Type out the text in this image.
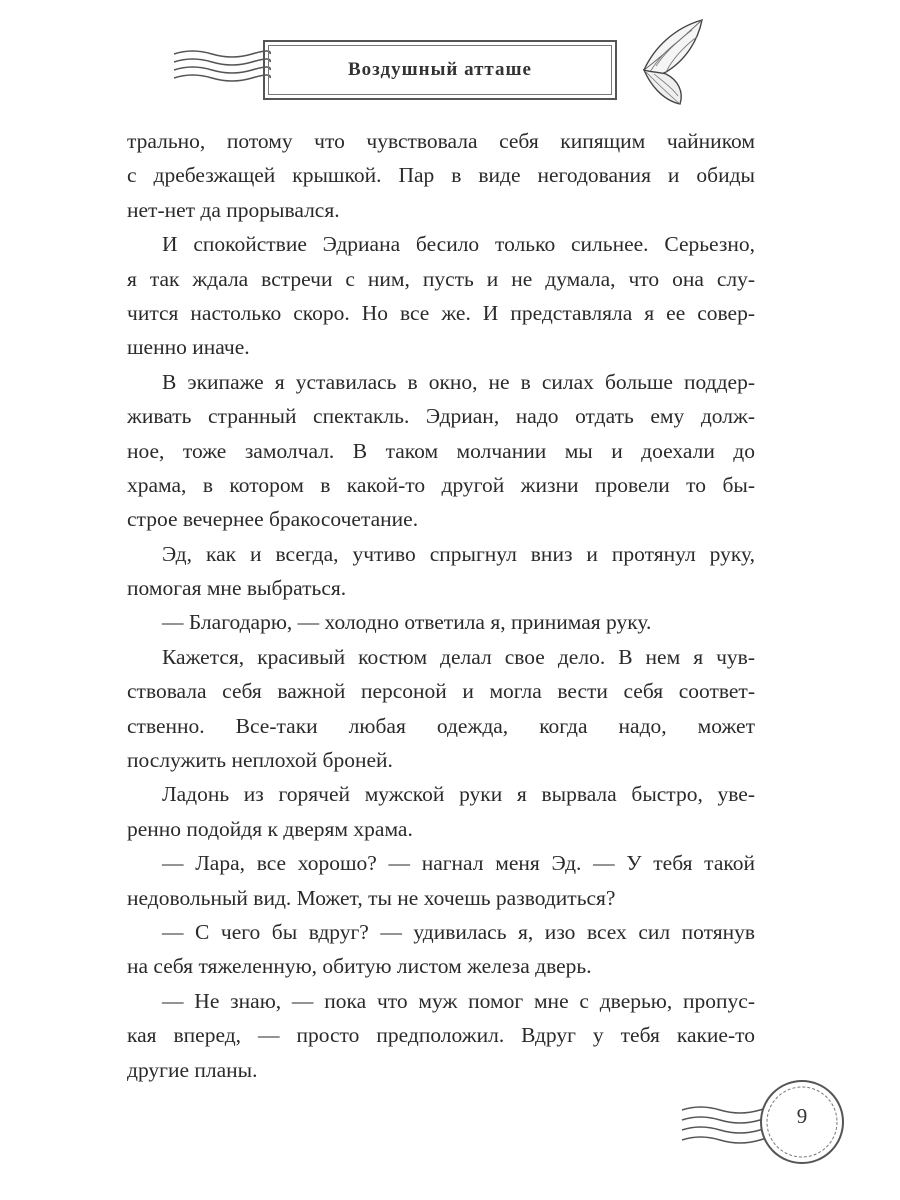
Воздушный атташе
трально, потому что чувствовала себя кипящим чайником
с дребезжащей крышкой. Пар в виде негодования и обиды
нет-нет да прорывался.
И спокойствие Эдриана бесило только сильнее. Серьезно,
я так ждала встречи с ним, пусть и не думала, что она слу-
чится настолько скоро. Но все же. И представляла я ее совер-
шенно иначе.
В экипаже я уставилась в окно, не в силах больше поддер-
живать странный спектакль. Эдриан, надо отдать ему долж-
ное, тоже замолчал. В таком молчании мы и доехали до
храма, в котором в какой-то другой жизни провели то бы-
строе вечернее бракосочетание.
Эд, как и всегда, учтиво спрыгнул вниз и протянул руку,
помогая мне выбраться.
— Благодарю, — холодно ответила я, принимая руку.
Кажется, красивый костюм делал свое дело. В нем я чув-
ствовала себя важной персоной и могла вести себя соответ-
ственно. Все-таки любая одежда, когда надо, может
послужить неплохой броней.
Ладонь из горячей мужской руки я вырвала быстро, уве-
ренно подойдя к дверям храма.
— Лара, все хорошо? — нагнал меня Эд. — У тебя такой
недовольный вид. Может, ты не хочешь разводиться?
— С чего бы вдруг? — удивилась я, изо всех сил потянув
на себя тяжеленную, обитую листом железа дверь.
— Не знаю, — пока что муж помог мне с дверью, пропус-
кая вперед, — просто предположил. Вдруг у тебя какие-то
другие планы.
9
